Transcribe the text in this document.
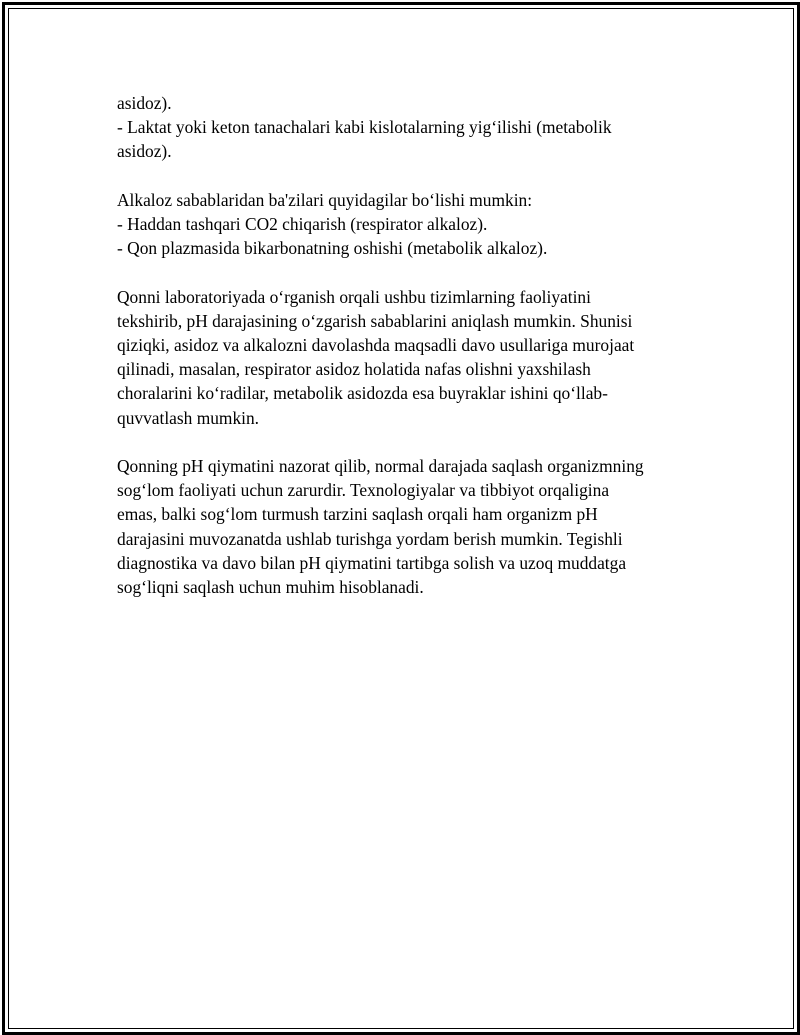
asidoz).
- Laktat yoki keton tanachalari kabi kislotalarning yig‘ilishi (metabolik
asidoz).

Alkaloz sabablaridan ba'zilari quyidagilar bo‘lishi mumkin:
- Haddan tashqari CO2 chiqarish (respirator alkaloz).
- Qon plazmasida bikarbonatning oshishi (metabolik alkaloz).

Qonni laboratoriyada o‘rganish orqali ushbu tizimlarning faoliyatini
tekshirib, pH darajasining o‘zgarish sabablarini aniqlash mumkin. Shunisi
qiziqki, asidoz va alkalozni davolashda maqsadli davo usullariga murojaat
qilinadi, masalan, respirator asidoz holatida nafas olishni yaxshilash
choralarini ko‘radilar, metabolik asidozda esa buyraklar ishini qo‘llab-
quvvatlash mumkin.

Qonning pH qiymatini nazorat qilib, normal darajada saqlash organizmning
sog‘lom faoliyati uchun zarurdir. Texnologiyalar va tibbiyot orqaligina
emas, balki sog‘lom turmush tarzini saqlash orqali ham organizm pH
darajasini muvozanatda ushlab turishga yordam berish mumkin. Tegishli
diagnostika va davo bilan pH qiymatini tartibga solish va uzoq muddatga
sog‘liqni saqlash uchun muhim hisoblanadi.
